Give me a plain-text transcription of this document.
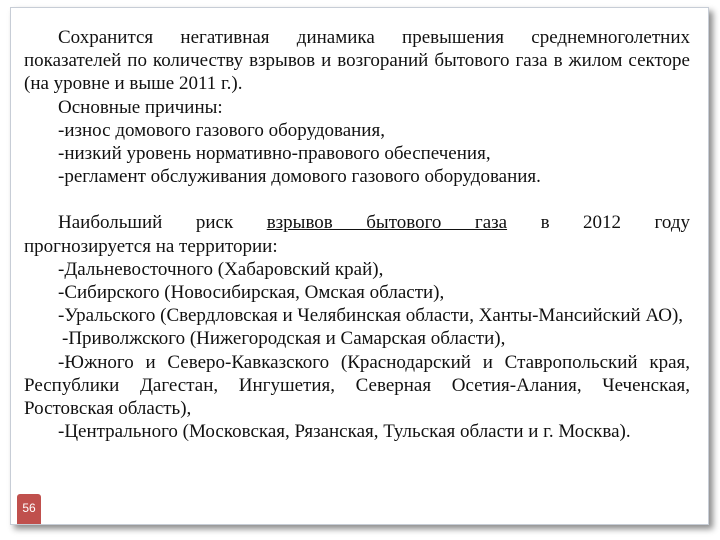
Сохранится негативная динамика превышения среднемноголетних показателей по количеству взрывов и возгораний бытового газа в жилом секторе (на уровне и выше 2011 г.).

Основные причины:

-износ домового газового оборудования,

-низкий уровень нормативно-правового обеспечения,

-регламент обслуживания домового газового оборудования.

Наибольший риск взрывов бытового газа в 2012 году

прогнозируется на территории:

-Дальневосточного (Хабаровский край),

-Сибирского (Новосибирская, Омская области),

-Уральского (Свердловская и Челябинская области, Ханты-Мансийский АО),

-Приволжского (Нижегородская и Самарская области),

-Южного и Северо-Кавказского (Краснодарский и Ставропольский края, Республики Дагестан, Ингушетия, Северная Осетия-Алания, Чеченская, Ростовская область),

-Центрального (Московская, Рязанская, Тульская области и г. Москва).

56
